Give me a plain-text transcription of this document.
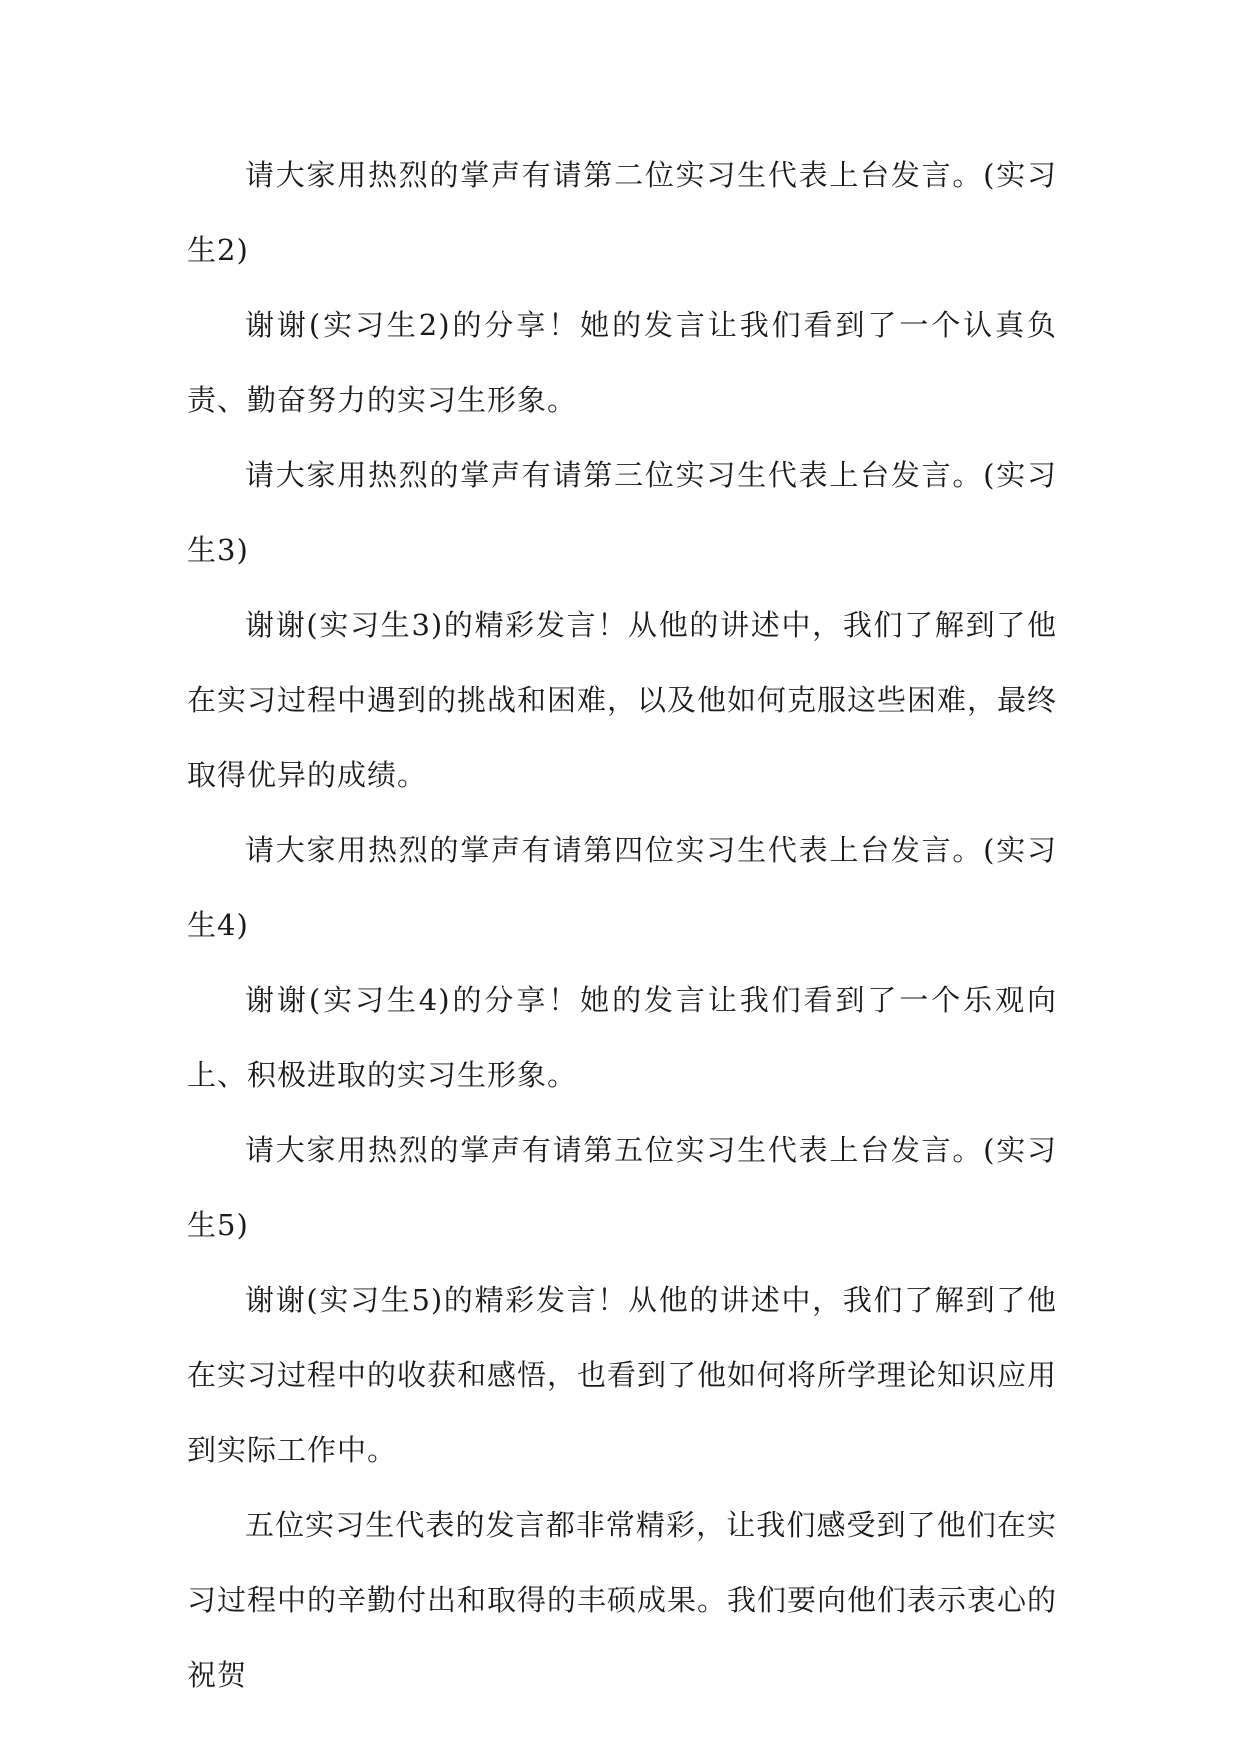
请大家用热烈的掌声有请第二位实习生代表上台发言。(实习生2)

谢谢(实习生2)的分享！她的发言让我们看到了一个认真负责、勤奋努力的实习生形象。

请大家用热烈的掌声有请第三位实习生代表上台发言。(实习生3)

谢谢(实习生3)的精彩发言！从他的讲述中，我们了解到了他在实习过程中遇到的挑战和困难，以及他如何克服这些困难，最终取得优异的成绩。

请大家用热烈的掌声有请第四位实习生代表上台发言。(实习生4)

谢谢(实习生4)的分享！她的发言让我们看到了一个乐观向上、积极进取的实习生形象。

请大家用热烈的掌声有请第五位实习生代表上台发言。(实习生5)

谢谢(实习生5)的精彩发言！从他的讲述中，我们了解到了他在实习过程中的收获和感悟，也看到了他如何将所学理论知识应用到实际工作中。

五位实习生代表的发言都非常精彩，让我们感受到了他们在实习过程中的辛勤付出和取得的丰硕成果。我们要向他们表示衷心的祝贺
